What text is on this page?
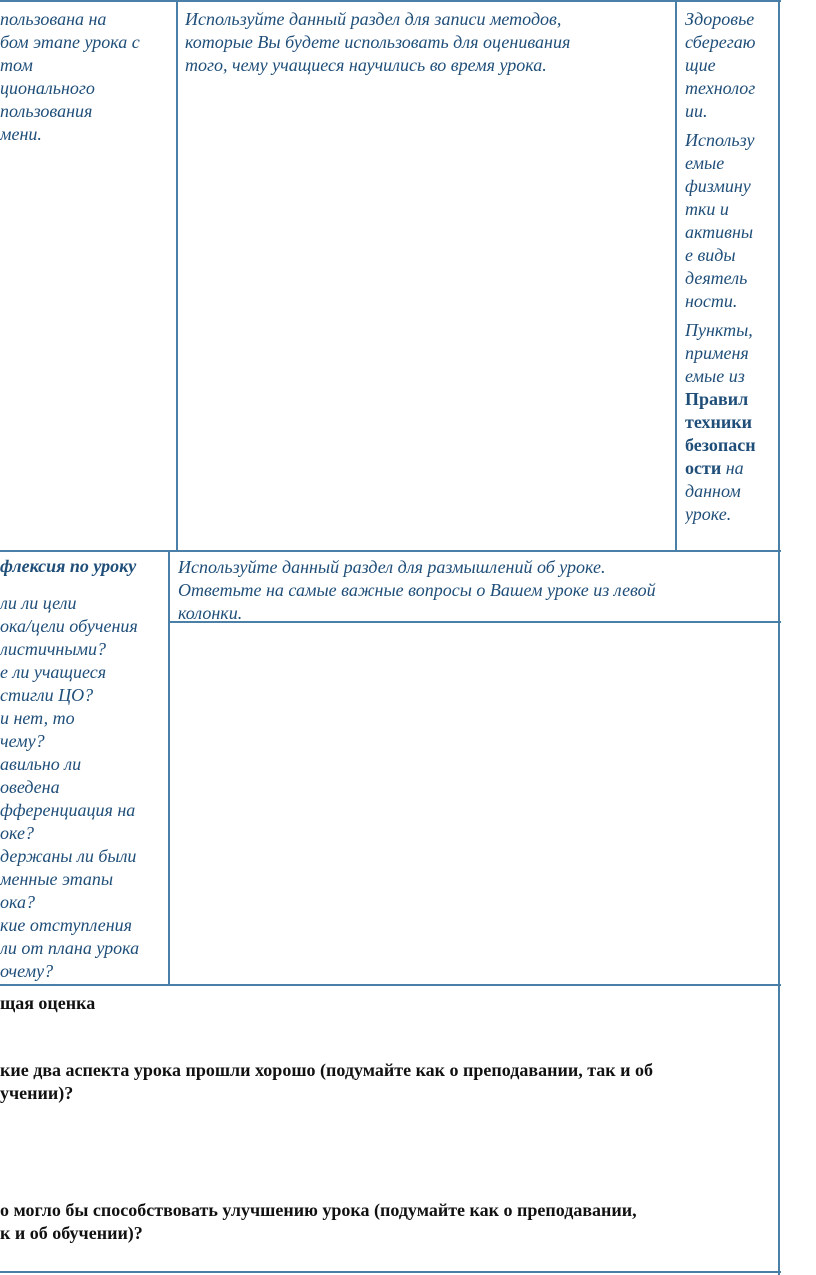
пользована на

бом этапе урока с

том

ционального

пользования

мени.

Используйте данный раздел для записи методов,

которые Вы будете использовать для оценивания

того, чему учащиеся научились во время урока.

Здоровье

сберегаю

щие

технолог

ии.

Использу

емые

физмину

тки и

активны

е виды

деятель

ности.

Пункты,

применя

емые из

Правил

техники

безопасн

ости на

данном

уроке.

флексия по уроку

ли ли цели

ока/цели обучения

листичными?

е ли учащиеся

стигли ЦО?

и нет, то

чему?

авильно ли

оведена

фференциация на

оке?

держаны ли были

менные этапы

ока?

кие отступления

ли от плана урока

очему?

Используйте данный раздел для размышлений об уроке.

Ответьте на самые важные вопросы о Вашем уроке из левой

колонки.

щая оценка

кие два аспекта урока прошли хорошо (подумайте как о преподавании, так и об

учении)?

о могло бы способствовать улучшению урока (подумайте как о преподавании,

к и об обучении)?
